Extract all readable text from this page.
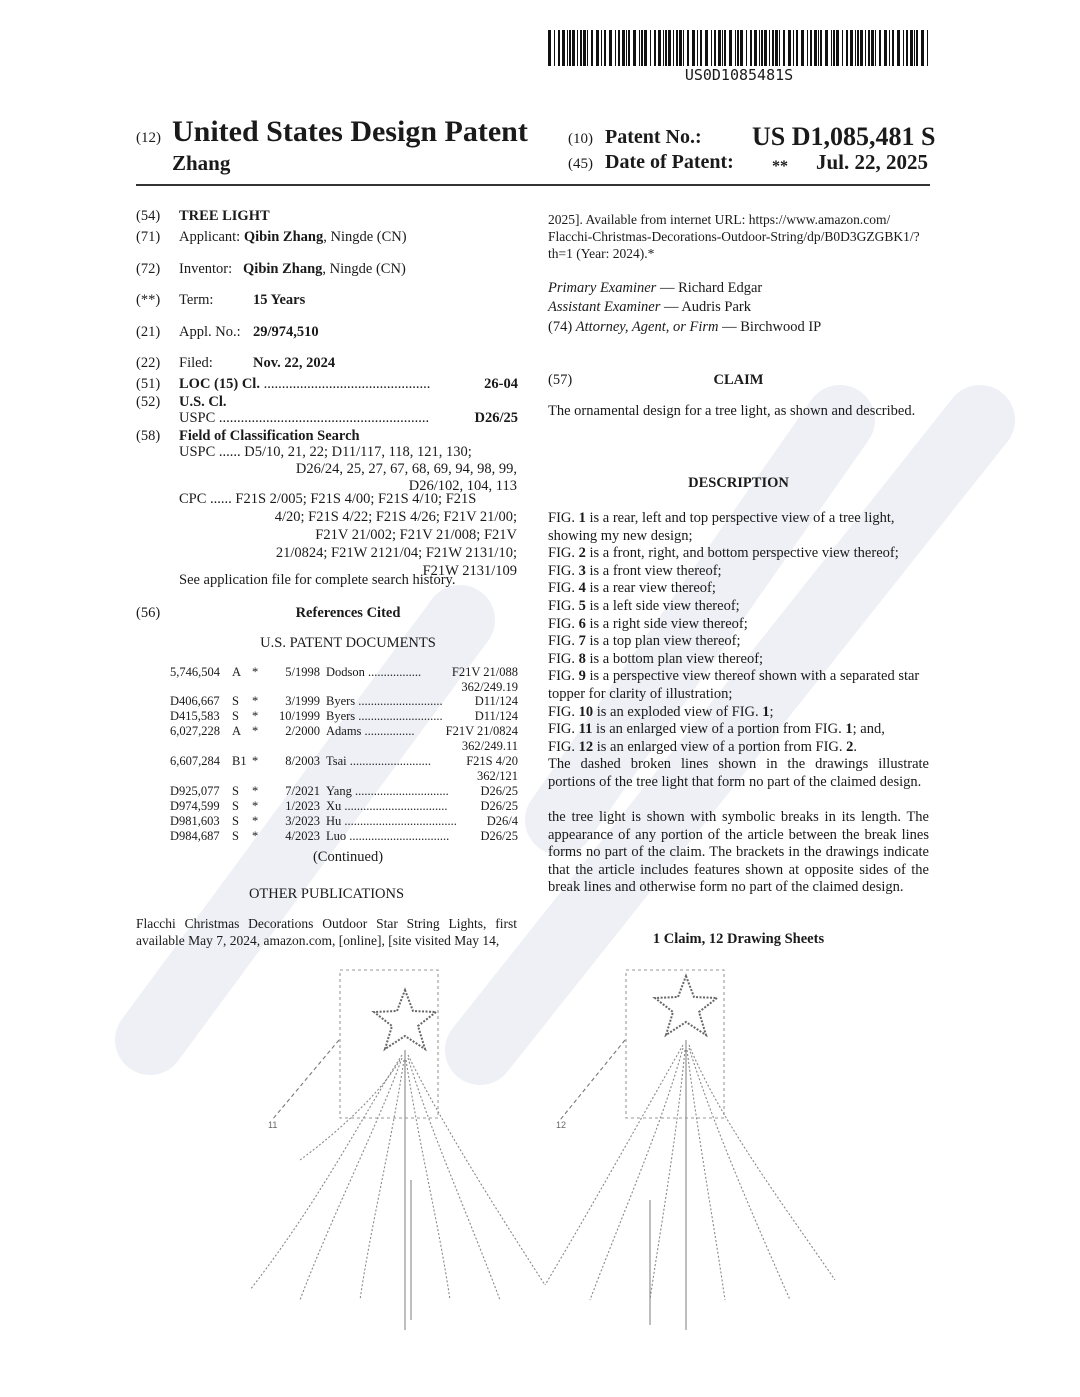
US0D1085481S
(12) United States Design Patent
Zhang
(10) Patent No.: US D1,085,481 S
(45) Date of Patent: ** Jul. 22, 2025
(54) TREE LIGHT
(71) Applicant: Qibin Zhang, Ningde (CN)
(72) Inventor: Qibin Zhang, Ningde (CN)
(**) Term:	15 Years
(21) Appl. No.: 29/974,510
(22) Filed:	Nov. 22, 2024
(51) LOC (15) Cl. ..............................................	26-04
(52) U.S. Cl.
USPC ..........................................................	D26/25
(58) Field of Classification Search
USPC ...... D5/10, 21, 22; D11/117, 118, 121, 130;
D26/24, 25, 27, 67, 68, 69, 94, 98, 99,
D26/102, 104, 113
CPC ...... F21S 2/005; F21S 4/00; F21S 4/10; F21S
4/20; F21S 4/22; F21S 4/26; F21V 21/00;
F21V 21/002; F21V 21/008; F21V
21/0824; F21W 2121/04; F21W 2131/10;
F21W 2131/109
See application file for complete search history.
(56)	References Cited
U.S. PATENT DOCUMENTS
5,746,504 A *	5/1998 Dodson ................. F21V 21/088
362/249.19
D406,667 S *	3/1999 Byers ...........................	D11/124
D415,583 S *	10/1999 Byers ...........................	D11/124
6,027,228 A *	2/2000 Adams ................ F21V 21/0824
362/249.11
6,607,284 B1 *	8/2003 Tsai ..........................	F21S 4/20
362/121
D925,077 S *	7/2021 Yang ..............................	D26/25
D974,599 S *	1/2023 Xu .................................	D26/25
D981,603 S *	3/2023 Hu .................................... D26/4
D984,687 S *	4/2023 Luo ................................ D26/25
(Continued)
OTHER PUBLICATIONS
Flacchi Christmas Decorations Outdoor Star String Lights, first available May 7, 2024, amazon.com, [online], [site visited May 14,
2025]. Available from internet URL: https://www.amazon.com/ Flacchi-Christmas-Decorations-Outdoor-String/dp/B0D3GZGBK1/?th=1 (Year: 2024).*
Primary Examiner — Richard Edgar
Assistant Examiner — Audris Park
(74) Attorney, Agent, or Firm — Birchwood IP
(57)	CLAIM
The ornamental design for a tree light, as shown and described.
DESCRIPTION

FIG. 1 is a rear, left and top perspective view of a tree light, showing my new design;

FIG. 2 is a front, right, and bottom perspective view thereof;

FIG. 3 is a front view thereof;

FIG. 4 is a rear view thereof;

FIG. 5 is a left side view thereof;

FIG. 6 is a right side view thereof;

FIG. 7 is a top plan view thereof;

FIG. 8 is a bottom plan view thereof;

FIG. 9 is a perspective view thereof shown with a separated star topper for clarity of illustration;

FIG. 10 is an exploded view of FIG. 1;

FIG. 11 is an enlarged view of a portion from FIG. 1; and,

FIG. 12 is an enlarged view of a portion from FIG. 2.

The dashed broken lines shown in the drawings illustrate portions of the tree light that form no part of the claimed design.
the tree light is shown with symbolic breaks in its length. The appearance of any portion of the article between the break lines forms no part of the claim. The brackets in the drawings indicate that the article includes features shown at opposite sides of the break lines and otherwise form no part of the claimed design.
1 Claim, 12 Drawing Sheets
11	12
